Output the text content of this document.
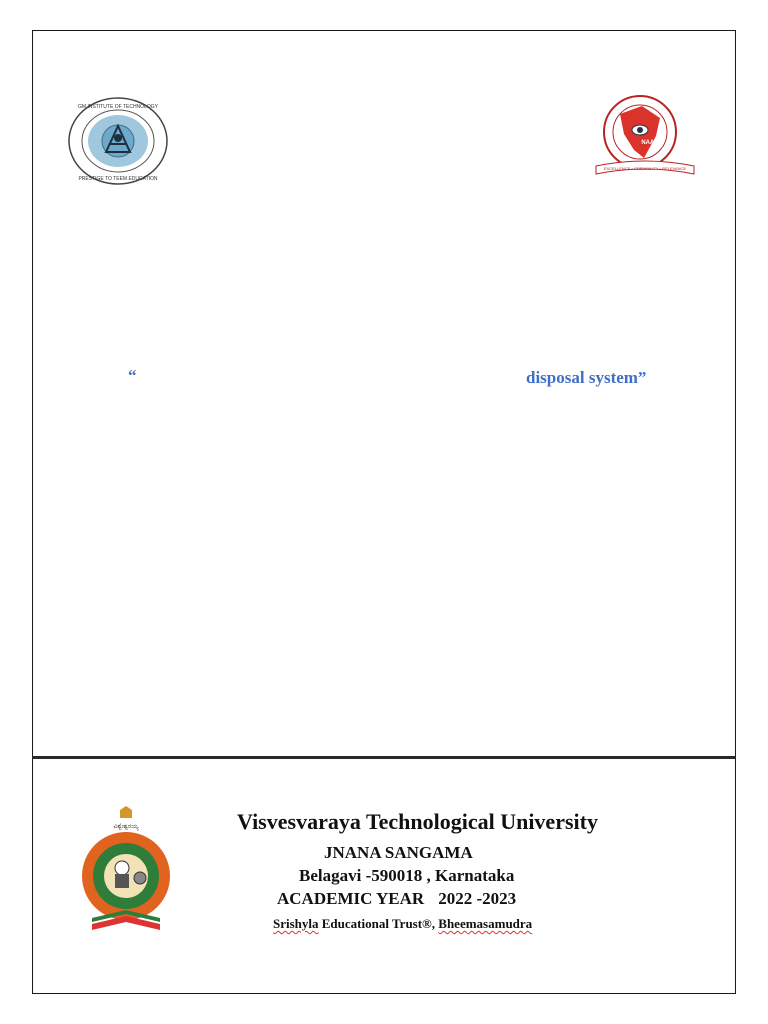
GM INSTITUTE OF TECHNOLOGY
PRESTIGE TO TEEM EDUCATION
NAAC
EXCELLENCE • CREDIBILITY • RELEVANCE
“	disposal system”
ವಿಶ್ವೇಶ್ವರಯ್ಯ	Visvesvaraya Technological University
JNANA SANGAMA
Belagavi -590018 , Karnataka
ACADEMIC YEAR 2022 -2023
Srishyla Educational Trust®, Bheemasamudra
